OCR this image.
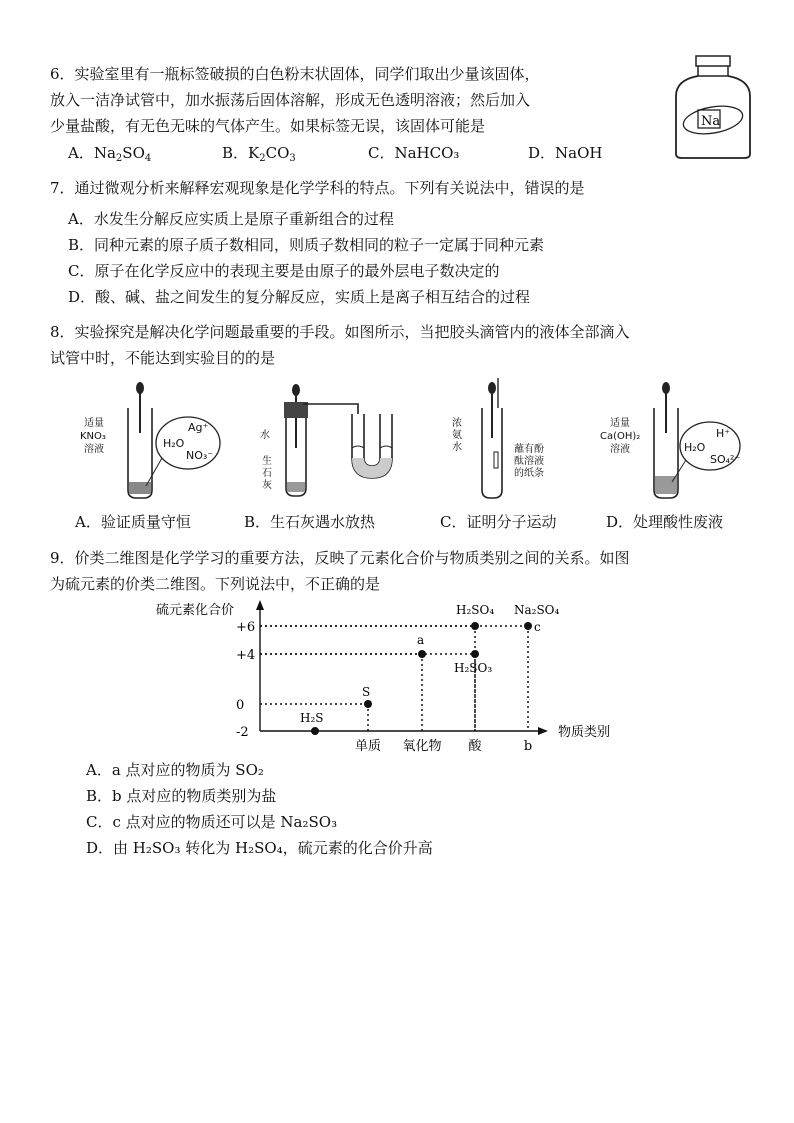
6．实验室里有一瓶标签破损的白色粉末状固体，同学们取出少量该固体，
放入一洁净试管中，加水振荡后固体溶解，形成无色透明溶液；然后加入
少量盐酸，有无色无味的气体产生。如果标签无误，该固体可能是
A．$Na_2SO_4$	B．$K_2CO_3$	C．NaHCO₃	D．NaOH
Na
7．通过微观分析来解释宏观现象是化学学科的特点。下列有关说法中，错误的是
A．水发生分解反应实质上是原子重新组合的过程
B．同种元素的原子质子数相同，则质子数相同的粒子一定属于同种元素
C．原子在化学反应中的表现主要是由原子的最外层电子数决定的
D．酸、碱、盐之间发生的复分解反应，实质上是离子相互结合的过程
8．实验探究是解决化学问题最重要的手段。如图所示，当把胶头滴管内的液体全部滴入
试管中时，不能达到实验目的的是
适量
KNO₃
溶液
Ag⁺
H₂O
NO₃⁻
水
生
石
灰
浓
氨
水	蘸有酚
酞溶液
的纸条
适量
Ca(OH)₂
溶液
H⁺
H₂O
SO₄²⁻
A．验证质量守恒	B．生石灰遇水放热	C．证明分子运动	D．处理酸性废液
9．价类二维图是化学学习的重要方法，反映了元素化合价与物质类别之间的关系。如图
为硫元素的价类二维图。下列说法中，不正确的是
硫元素化合价
物质类别
+6
+4
0
-2
H₂S
S
a
H₂SO₃
c
H₂SO₄ Na₂SO₄
单质 氧化物 酸	b
A．a 点对应的物质为 SO₂
B．b 点对应的物质类别为盐
C．c 点对应的物质还可以是 Na₂SO₃
D．由 H₂SO₃ 转化为 H₂SO₄，硫元素的化合价升高
